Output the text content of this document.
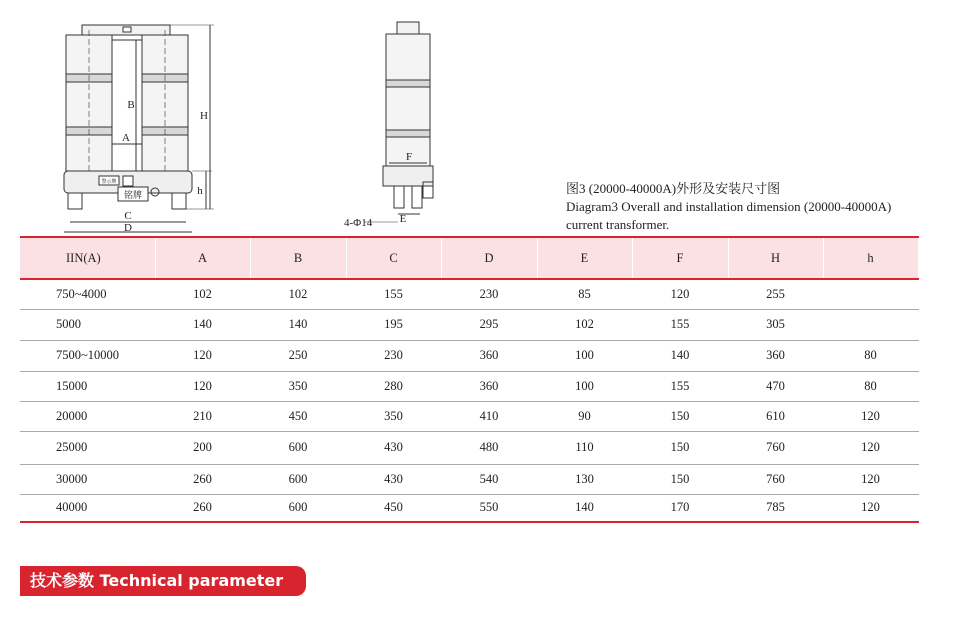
A
B
C
D
H
h
警示牌
铭牌
F
E
4-Φ14
图3 (20000-40000A)外形及安装尺寸图
Diagram3 Overall and installation dimension (20000-40000A)
current transformer.
IIN(A)	A	B	C	D	E	F	H	h
750~4000	102	102	155	230	85	120	255	
5000	140	140	195	295	102	155	305	
7500~10000	120	250	230	360	100	140	360	80
15000	120	350	280	360	100	155	470	80
20000	210	450	350	410	90	150	610	120
25000	200	600	430	480	110	150	760	120
30000	260	600	430	540	130	150	760	120
40000	260	600	450	550	140	170	785	120
技术参数 Technical parameter
